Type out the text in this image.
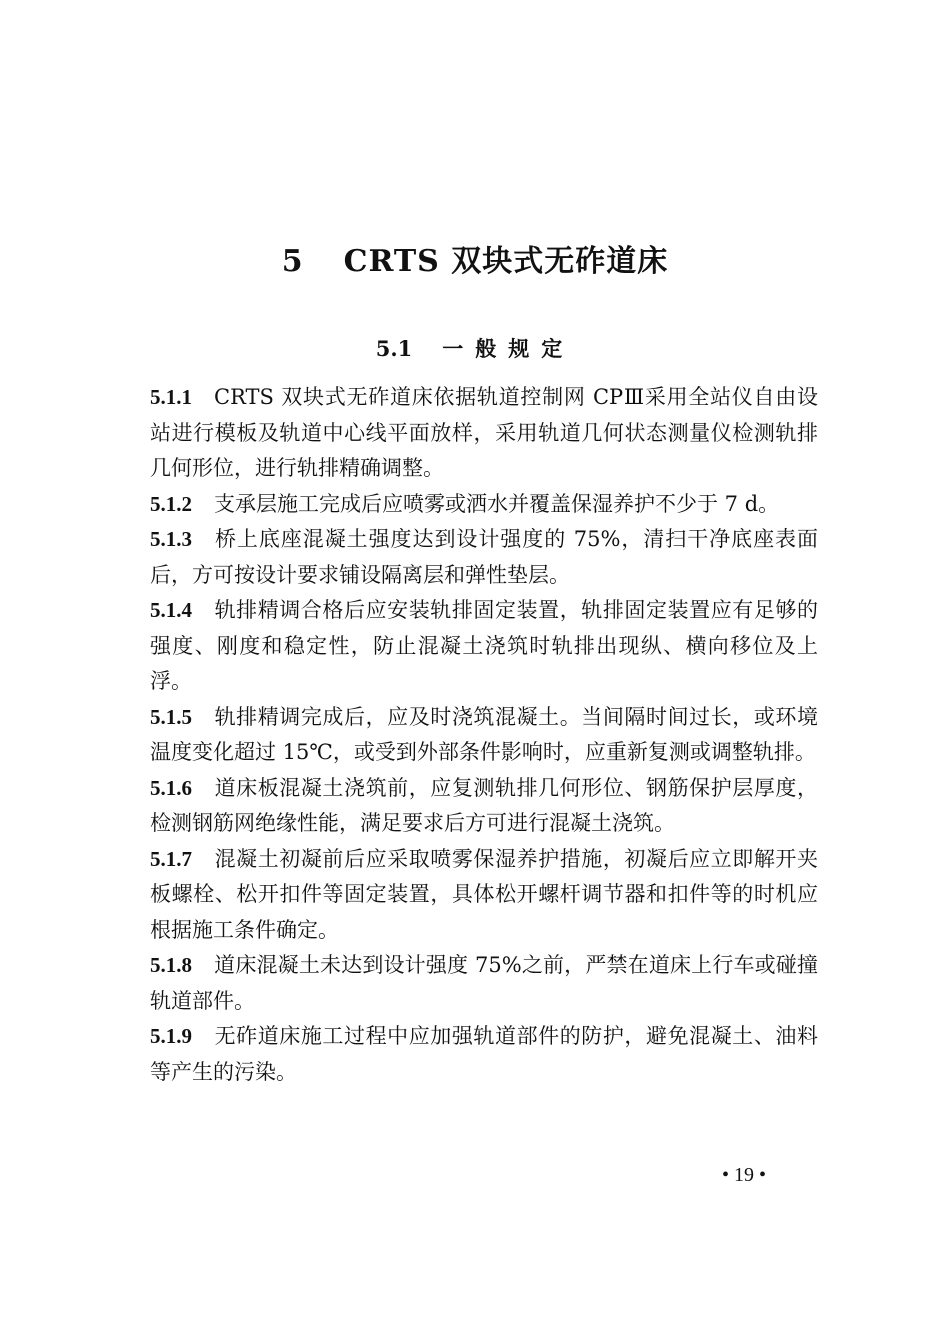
5 CRTS 双块式无砟道床
5.1 一般规定

5.1.1 CRTS 双块式无砟道床依据轨道控制网 CPⅢ采用全站仪自由设站进行模板及轨道中心线平面放样，采用轨道几何状态测量仪检测轨排几何形位，进行轨排精确调整。

5.1.2 支承层施工完成后应喷雾或洒水并覆盖保湿养护不少于 7 d。

5.1.3 桥上底座混凝土强度达到设计强度的 75%，清扫干净底座表面后，方可按设计要求铺设隔离层和弹性垫层。

5.1.4 轨排精调合格后应安装轨排固定装置，轨排固定装置应有足够的强度、刚度和稳定性，防止混凝土浇筑时轨排出现纵、横向移位及上浮。

5.1.5 轨排精调完成后，应及时浇筑混凝土。当间隔时间过长，或环境温度变化超过 15℃，或受到外部条件影响时，应重新复测或调整轨排。

5.1.6 道床板混凝土浇筑前，应复测轨排几何形位、钢筋保护层厚度，检测钢筋网绝缘性能，满足要求后方可进行混凝土浇筑。

5.1.7 混凝土初凝前后应采取喷雾保湿养护措施，初凝后应立即解开夹板螺栓、松开扣件等固定装置，具体松开螺杆调节器和扣件等的时机应根据施工条件确定。

5.1.8 道床混凝土未达到设计强度 75%之前，严禁在道床上行车或碰撞轨道部件。

5.1.9 无砟道床施工过程中应加强轨道部件的防护，避免混凝土、油料等产生的污染。

• 19 •
